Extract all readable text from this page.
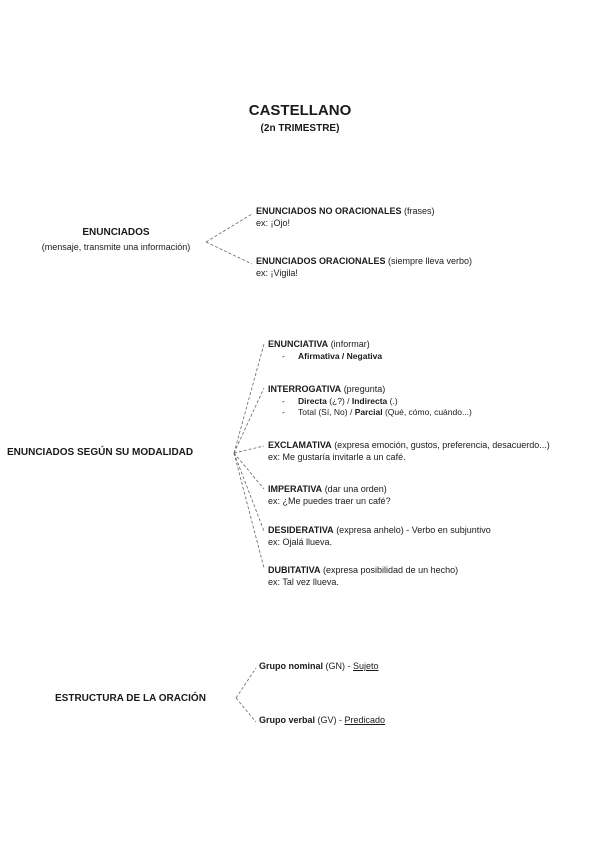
CASTELLANO
(2n TRIMESTRE)
ENUNCIADOS
(mensaje, transmite una información)
ENUNCIADOS NO ORACIONALES (frases)
ex: ¡Ojo!
ENUNCIADOS ORACIONALES (siempre lleva verbo)
ex: ¡Vigila!
ENUNCIADOS SEGÚN SU MODALIDAD
ENUNCIATIVA (informar)
- Afirmativa / Negativa
INTERROGATIVA (pregunta)
- Directa (¿?) / Indirecta (.)
- Total (Sí, No) / Parcial (Qué, cómo, cuándo...)
EXCLAMATIVA (expresa emoción, gustos, preferencia, desacuerdo...)
ex: Me gustaría invitarle a un café.
IMPERATIVA (dar una orden)
ex: ¿Me puedes traer un café?
DESIDERATIVA (expresa anhelo) - Verbo en subjuntivo
ex: Ojalá llueva.
DUBITATIVA (expresa posibilidad de un hecho)
ex: Tal vez llueva.
ESTRUCTURA DE LA ORACIÓN
Grupo nominal (GN) - Sujeto
Grupo verbal (GV) - Predicado
